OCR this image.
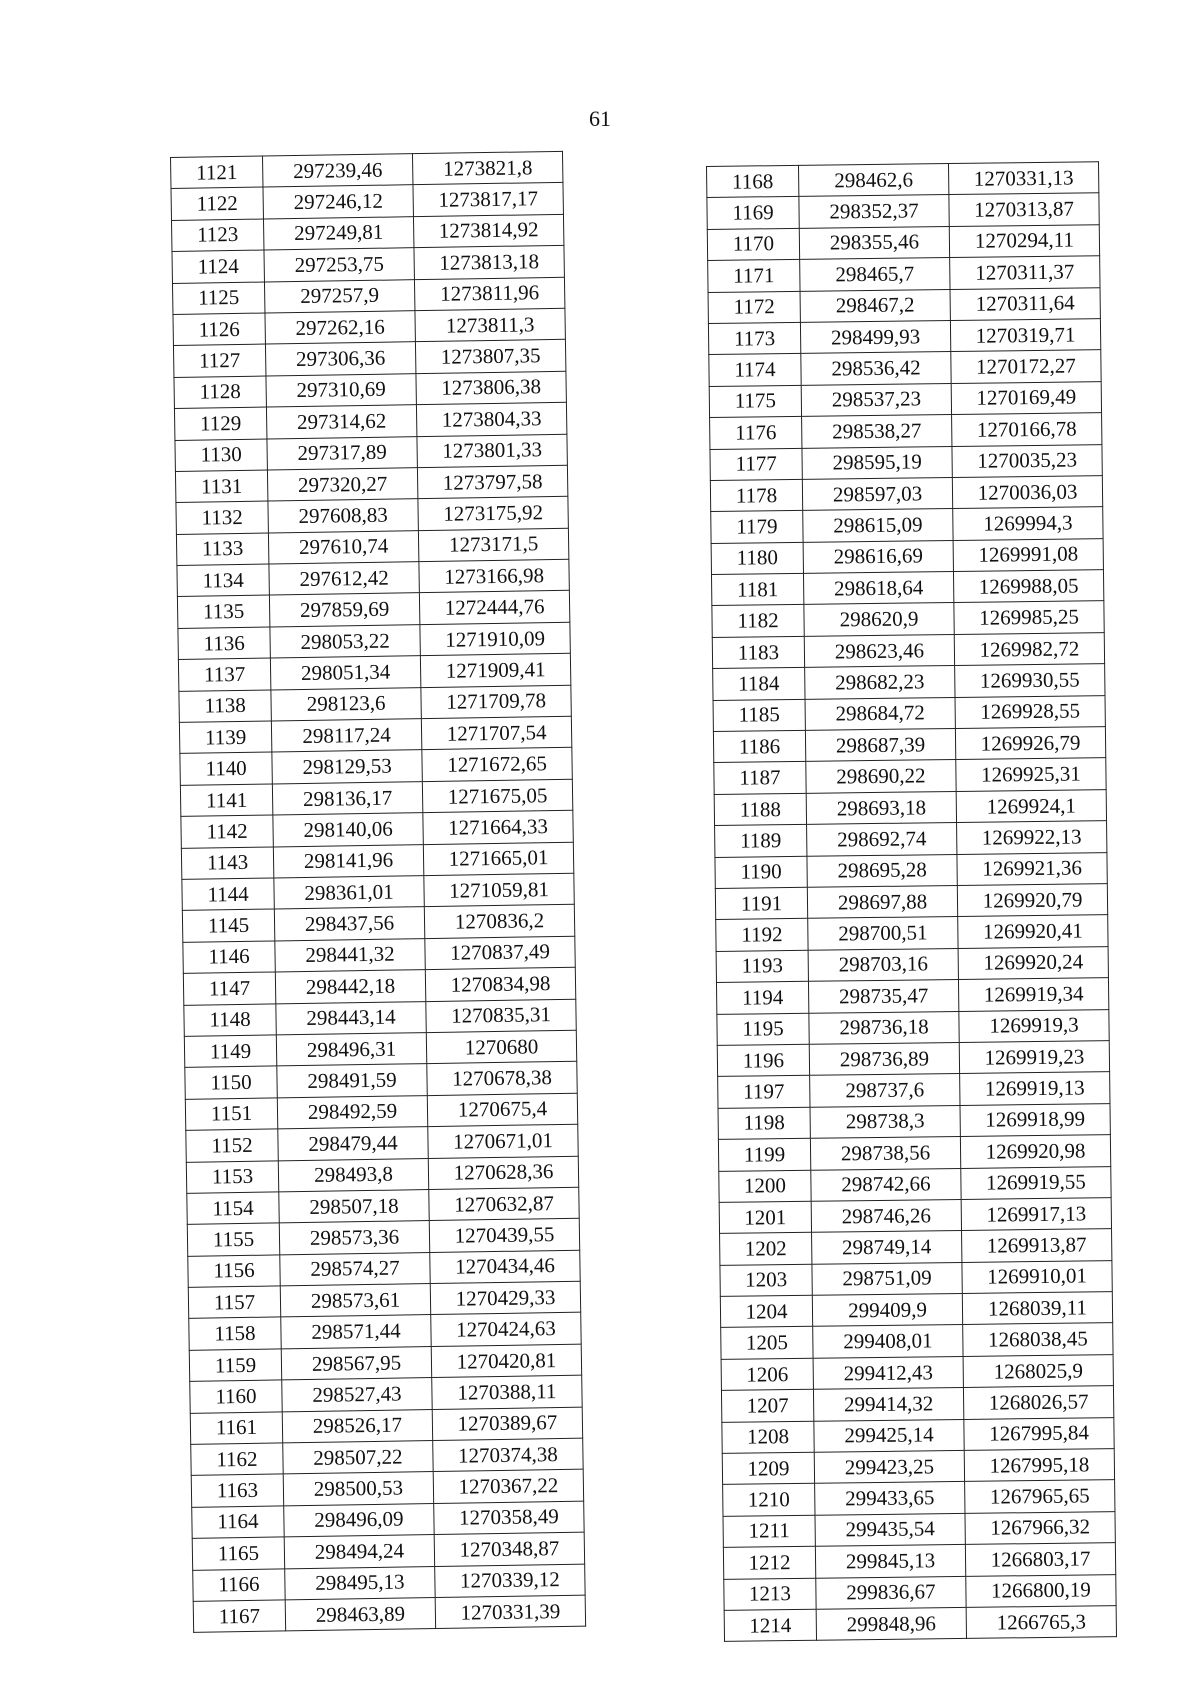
61
1121	297239,46	1273821,8
1122	297246,12	1273817,17
1123	297249,81	1273814,92
1124	297253,75	1273813,18
1125	297257,9	1273811,96
1126	297262,16	1273811,3
1127	297306,36	1273807,35
1128	297310,69	1273806,38
1129	297314,62	1273804,33
1130	297317,89	1273801,33
1131	297320,27	1273797,58
1132	297608,83	1273175,92
1133	297610,74	1273171,5
1134	297612,42	1273166,98
1135	297859,69	1272444,76
1136	298053,22	1271910,09
1137	298051,34	1271909,41
1138	298123,6	1271709,78
1139	298117,24	1271707,54
1140	298129,53	1271672,65
1141	298136,17	1271675,05
1142	298140,06	1271664,33
1143	298141,96	1271665,01
1144	298361,01	1271059,81
1145	298437,56	1270836,2
1146	298441,32	1270837,49
1147	298442,18	1270834,98
1148	298443,14	1270835,31
1149	298496,31	1270680
1150	298491,59	1270678,38
1151	298492,59	1270675,4
1152	298479,44	1270671,01
1153	298493,8	1270628,36
1154	298507,18	1270632,87
1155	298573,36	1270439,55
1156	298574,27	1270434,46
1157	298573,61	1270429,33
1158	298571,44	1270424,63
1159	298567,95	1270420,81
1160	298527,43	1270388,11
1161	298526,17	1270389,67
1162	298507,22	1270374,38
1163	298500,53	1270367,22
1164	298496,09	1270358,49
1165	298494,24	1270348,87
1166	298495,13	1270339,12
1167	298463,89	1270331,39
1168	298462,6	1270331,13
1169	298352,37	1270313,87
1170	298355,46	1270294,11
1171	298465,7	1270311,37
1172	298467,2	1270311,64
1173	298499,93	1270319,71
1174	298536,42	1270172,27
1175	298537,23	1270169,49
1176	298538,27	1270166,78
1177	298595,19	1270035,23
1178	298597,03	1270036,03
1179	298615,09	1269994,3
1180	298616,69	1269991,08
1181	298618,64	1269988,05
1182	298620,9	1269985,25
1183	298623,46	1269982,72
1184	298682,23	1269930,55
1185	298684,72	1269928,55
1186	298687,39	1269926,79
1187	298690,22	1269925,31
1188	298693,18	1269924,1
1189	298692,74	1269922,13
1190	298695,28	1269921,36
1191	298697,88	1269920,79
1192	298700,51	1269920,41
1193	298703,16	1269920,24
1194	298735,47	1269919,34
1195	298736,18	1269919,3
1196	298736,89	1269919,23
1197	298737,6	1269919,13
1198	298738,3	1269918,99
1199	298738,56	1269920,98
1200	298742,66	1269919,55
1201	298746,26	1269917,13
1202	298749,14	1269913,87
1203	298751,09	1269910,01
1204	299409,9	1268039,11
1205	299408,01	1268038,45
1206	299412,43	1268025,9
1207	299414,32	1268026,57
1208	299425,14	1267995,84
1209	299423,25	1267995,18
1210	299433,65	1267965,65
1211	299435,54	1267966,32
1212	299845,13	1266803,17
1213	299836,67	1266800,19
1214	299848,96	1266765,3
